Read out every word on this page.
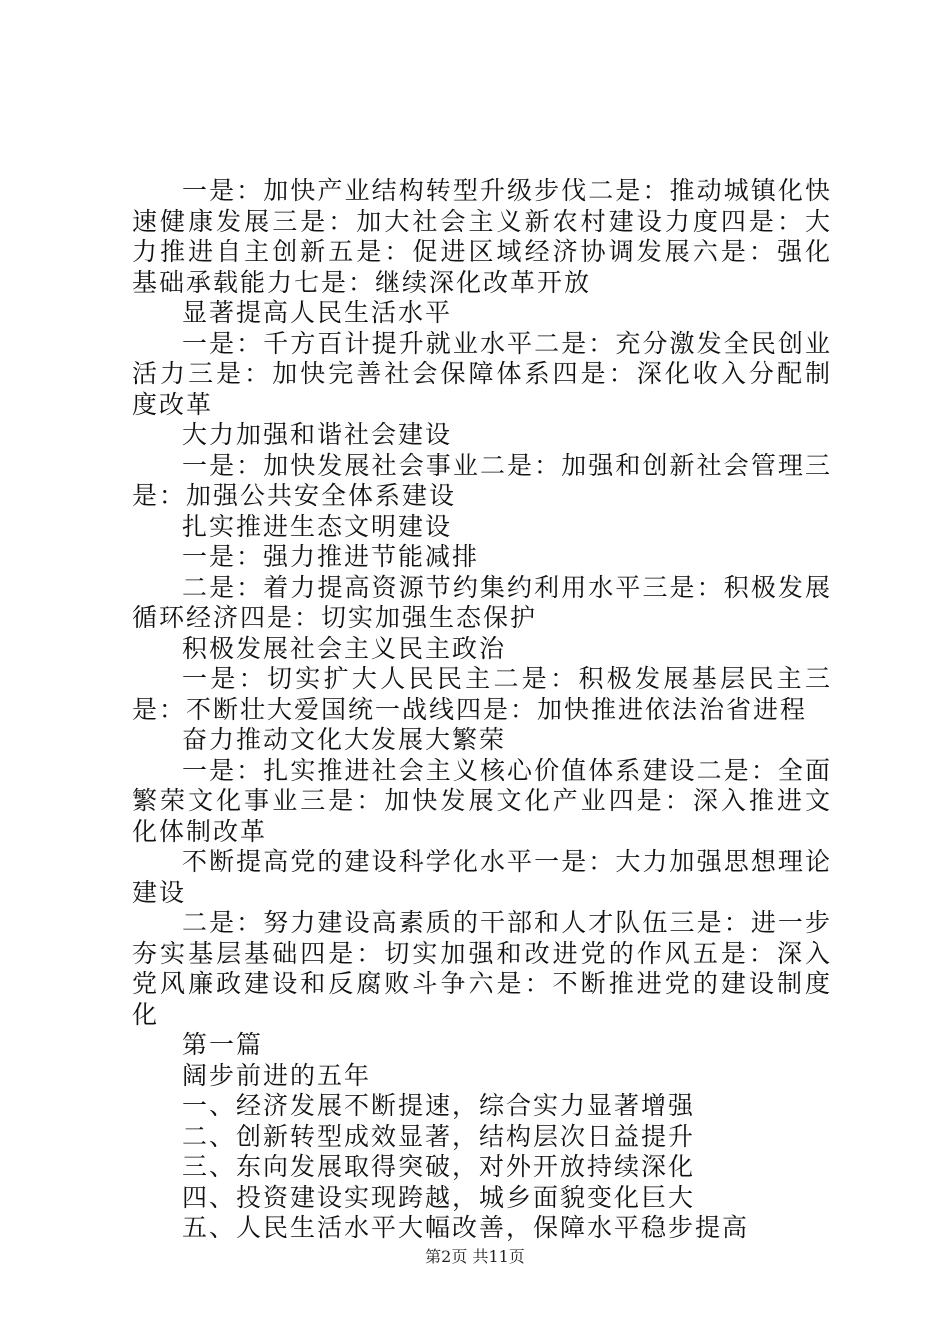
一是：加快产业结构转型升级步伐二是：推动城镇化快速健康发展三是：加大社会主义新农村建设力度四是：大力推进自主创新五是：促进区域经济协调发展六是：强化基础承载能力七是：继续深化改革开放

显著提高人民生活水平

一是：千方百计提升就业水平二是：充分激发全民创业活力三是：加快完善社会保障体系四是：深化收入分配制度改革

大力加强和谐社会建设

一是：加快发展社会事业二是：加强和创新社会管理三是：加强公共安全体系建设

扎实推进生态文明建设

一是：强力推进节能减排

二是：着力提高资源节约集约利用水平三是：积极发展循环经济四是：切实加强生态保护

积极发展社会主义民主政治

一是：切实扩大人民民主二是：积极发展基层民主三是：不断壮大爱国统一战线四是：加快推进依法治省进程

奋力推动文化大发展大繁荣

一是：扎实推进社会主义核心价值体系建设二是：全面繁荣文化事业三是：加快发展文化产业四是：深入推进文化体制改革

不断提高党的建设科学化水平一是：大力加强思想理论建设

二是：努力建设高素质的干部和人才队伍三是：进一步夯实基层基础四是：切实加强和改进党的作风五是：深入党风廉政建设和反腐败斗争六是：不断推进党的建设制度化

第一篇

阔步前进的五年

一、经济发展不断提速，综合实力显著增强

二、创新转型成效显著，结构层次日益提升

三、东向发展取得突破，对外开放持续深化

四、投资建设实现跨越，城乡面貌变化巨大

五、人民生活水平大幅改善，保障水平稳步提高

第2页 共11页
